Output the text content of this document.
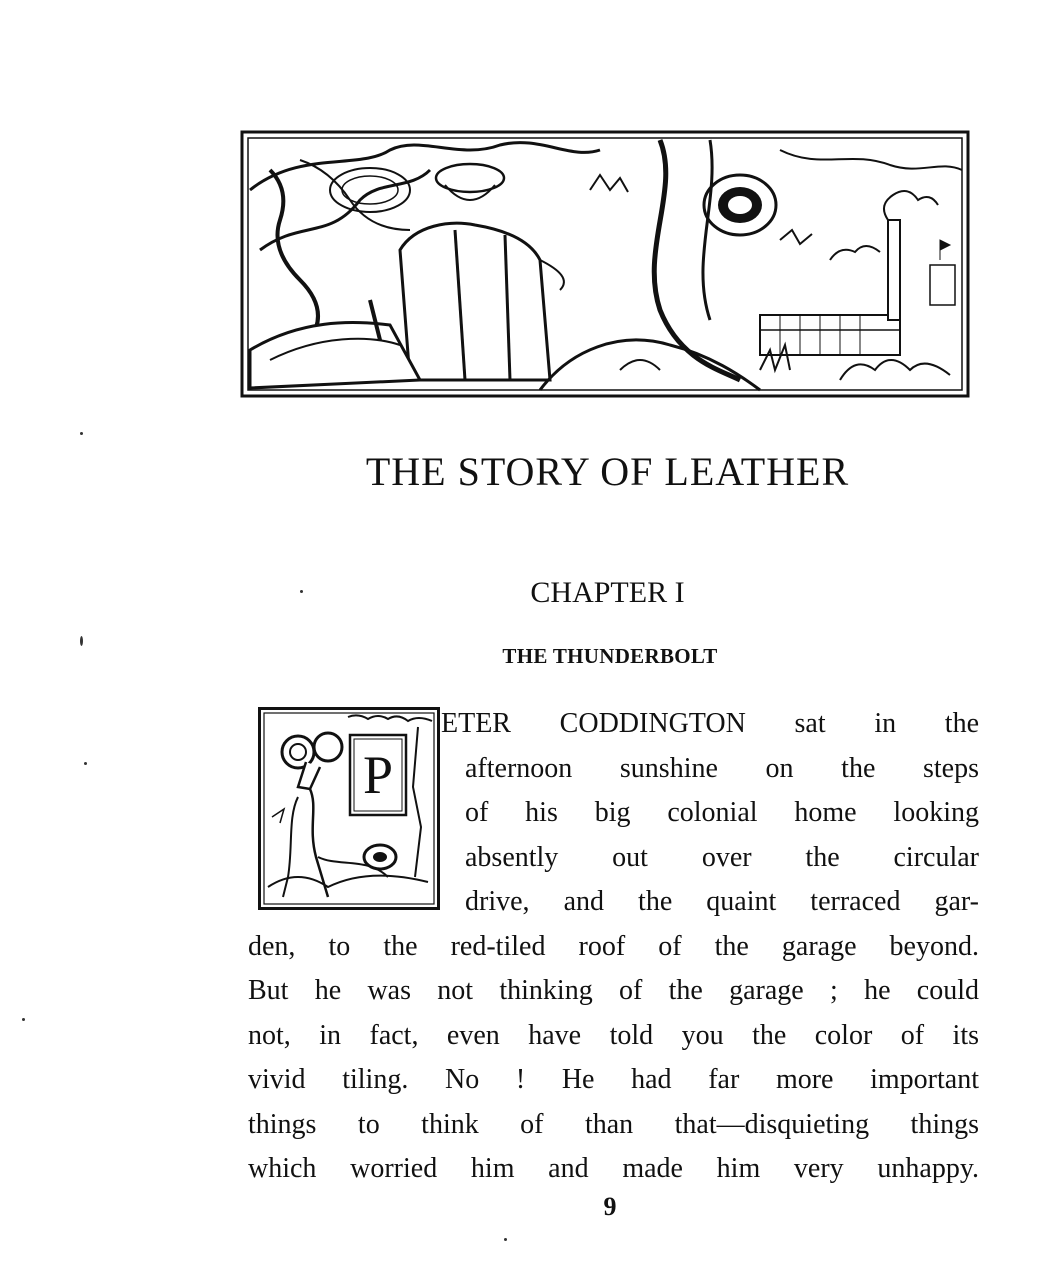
THE STORY OF LEATHER
CHAPTER I
THE THUNDERBOLT
P
ETER CODDINGTON sat in the
afternoon sunshine on the steps
of his big colonial home looking
absently out over the circular
drive, and the quaint terraced gar-
den, to the red-tiled roof of the garage beyond.
But he was not thinking of the garage ; he could
not, in fact, even have told you the color of its
vivid tiling. No ! He had far more important
things to think of than that—disquieting things
which worried him and made him very unhappy.
9
